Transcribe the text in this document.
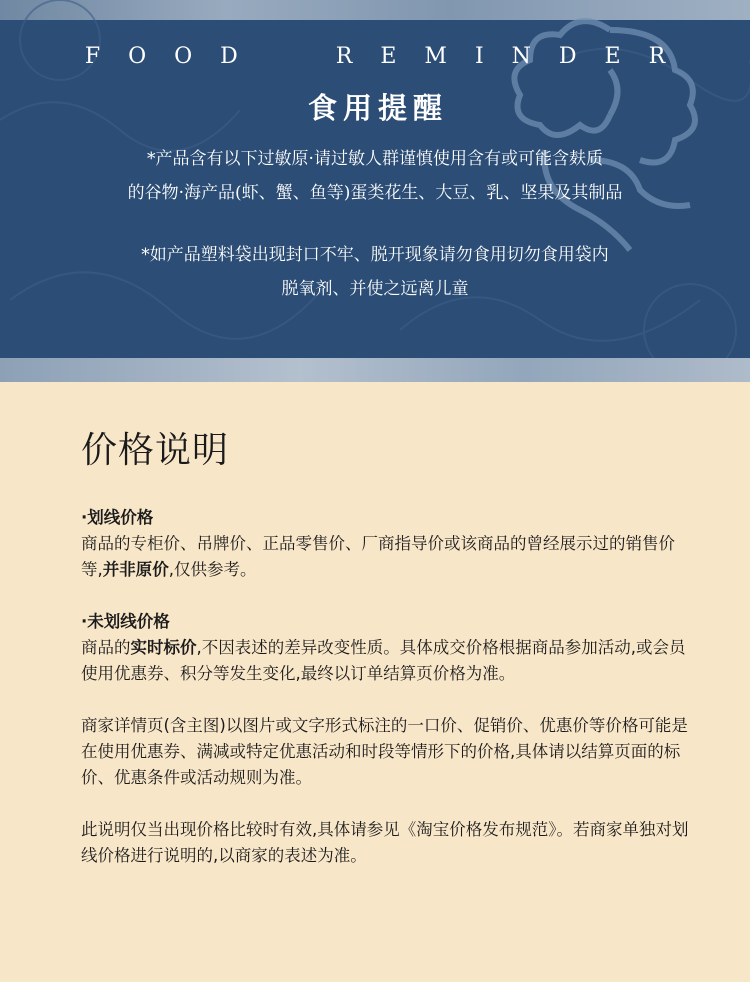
FOOD  REMINDER
食用提醒
*产品含有以下过敏原·请过敏人群谨慎使用含有或可能含麸质
的谷物·海产品(虾、蟹、鱼等)蛋类花生、大豆、乳、坚果及其制品
*如产品塑料袋出现封口不牢、脱开现象请勿食用切勿食用袋内
脱氧剂、并使之远离儿童
价格说明

·划线价格

商品的专柜价、吊牌价、正品零售价、厂商指导价或该商品的曾经展示过的销售价等,并非原价,仅供参考。

·未划线价格

商品的实时标价,不因表述的差异改变性质。具体成交价格根据商品参加活动,或会员使用优惠券、积分等发生变化,最终以订单结算页价格为准。

商家详情页(含主图)以图片或文字形式标注的一口价、促销价、优惠价等价格可能是在使用优惠券、满减或特定优惠活动和时段等情形下的价格,具体请以结算页面的标价、优惠条件或活动规则为准。

此说明仅当出现价格比较时有效,具体请参见《淘宝价格发布规范》。若商家单独对划线价格进行说明的,以商家的表述为准。
